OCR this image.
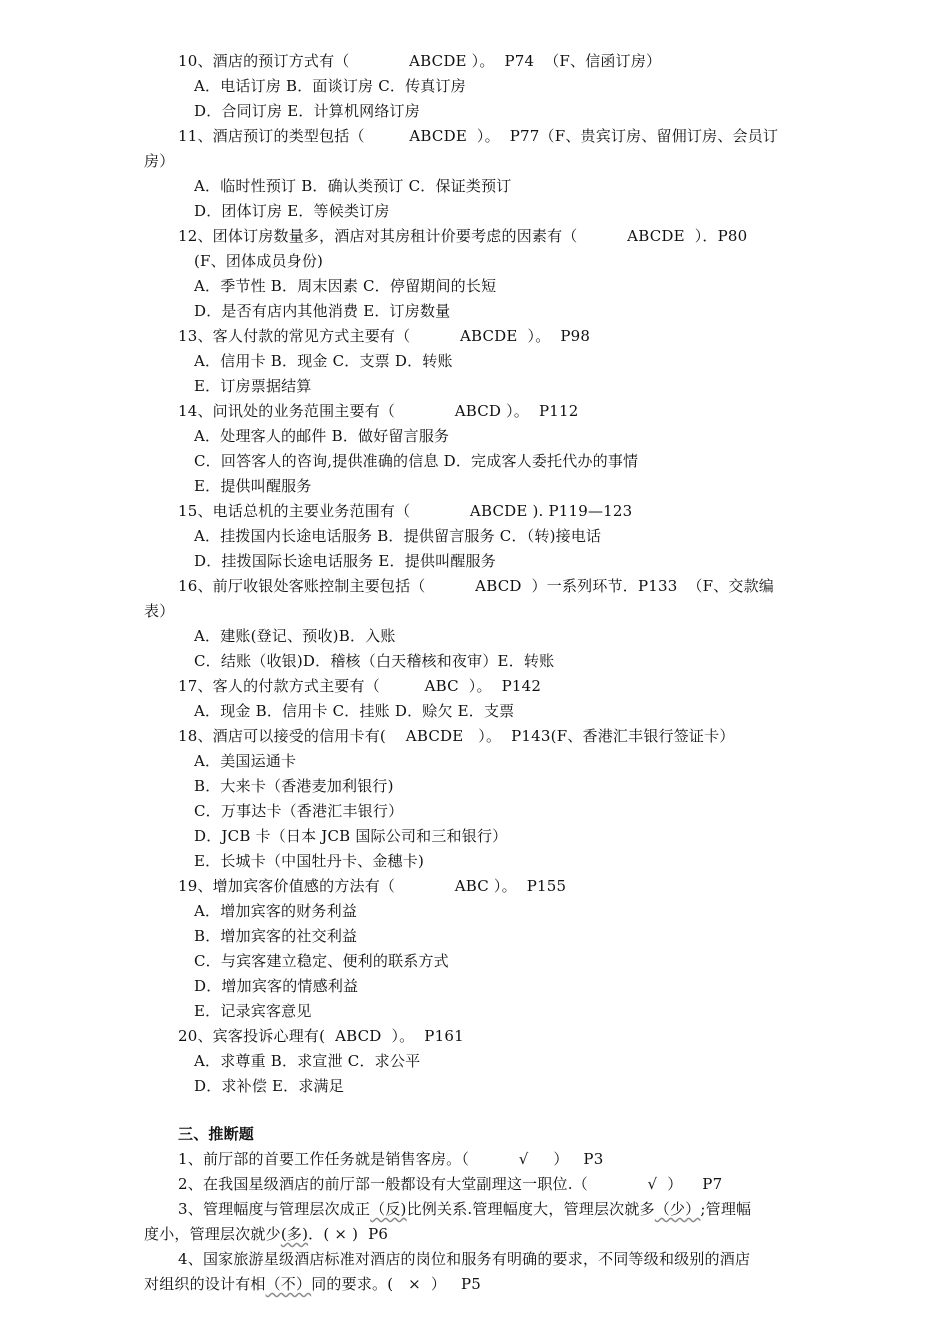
10、酒店的预订方式有（            ABCDE ）。  P74  （F、信函订房）
A．电话订房 B．面谈订房 C．传真订房
D．合同订房 E．计算机网络订房
11、酒店预订的类型包括（         ABCDE  ）。  P77（F、贵宾订房、留佣订房、会员订
房）
A．临时性预订 B．确认类预订 C．保证类预订
D．团体订房 E．等候类订房
12、团体订房数量多，酒店对其房租计价要考虑的因素有（          ABCDE  ）．P80
(F、团体成员身份)
A．季节性 B．周末因素 C．停留期间的长短
D．是否有店内其他消费 E．订房数量
13、客人付款的常见方式主要有（          ABCDE  ）。  P98
A．信用卡 B．现金 C．支票 D．转账
E．订房票据结算
14、问讯处的业务范围主要有（            ABCD ）。  P112
A．处理客人的邮件 B．做好留言服务
C．回答客人的咨询,提供准确的信息 D．完成客人委托代办的事情
E．提供叫醒服务
15、电话总机的主要业务范围有（            ABCDE ). P119—123
A．挂拨国内长途电话服务 B．提供留言服务 C．（转)接电话
D．挂拨国际长途电话服务 E．提供叫醒服务
16、前厅收银处客账控制主要包括（          ABCD  ）一系列环节．P133  （F、交款编
表）
A．建账(登记、预收)B．入账
C．结账（收银)D．稽核（白天稽核和夜审）E．转账
17、客人的付款方式主要有（         ABC  ）。  P142
A．现金 B．信用卡 C．挂账 D．赊欠 E．支票
18、酒店可以接受的信用卡有(    ABCDE   ）。  P143(F、香港汇丰银行签证卡）
A．美国运通卡
B．大来卡（香港麦加利银行)
C．万事达卡（香港汇丰银行）
D．JCB 卡（日本 JCB 国际公司和三和银行）
E．长城卡（中国牡丹卡、金穗卡)
19、增加宾客价值感的方法有（            ABC ）。  P155
A．增加宾客的财务利益
B．增加宾客的社交利益
C．与宾客建立稳定、便利的联系方式
D．增加宾客的情感利益
E．记录宾客意见
20、宾客投诉心理有(  ABCD  ）。  P161
A．求尊重 B．求宣泄 C．求公平
D．求补偿 E．求满足
三、推断题
1、前厅部的首要工作任务就是销售客房。（          √     ）   P3
2、在我国星级酒店的前厅部一般都设有大堂副理这一职位.（            √  ）    P7
3、管理幅度与管理层次成正（反)比例关系.管理幅度大，管理层次就多（少）;管理幅
度小，管理层次就少(多)．( × )  P6
4、国家旅游星级酒店标准对酒店的岗位和服务有明确的要求，不同等级和级别的酒店
对组织的设计有相（不）同的要求。(   ×  ）   P5
